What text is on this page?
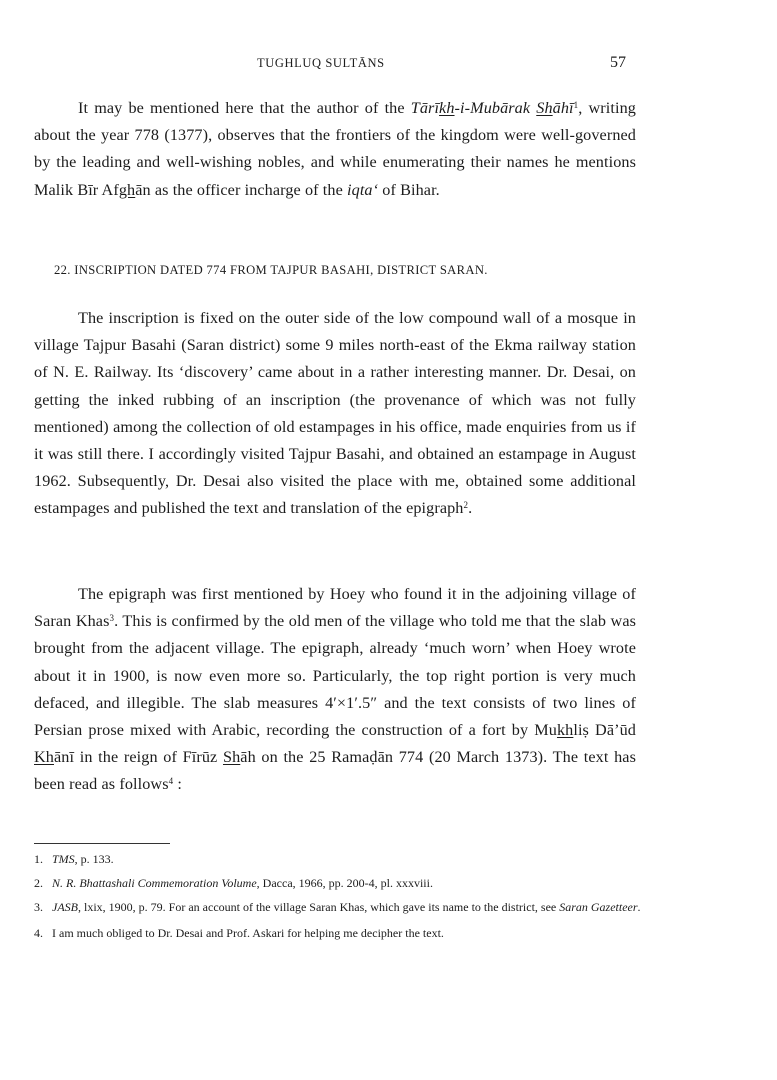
TUGHLUQ SULTĀNS	57

It may be mentioned here that the author of the Tārīkh-i-Mubārak Shāhī$^1$, writing about the year 778 (1377), observes that the frontiers of the kingdom were well-governed by the leading and well-wishing nobles, and while enumerating their names he mentions Malik Bīr Afghān as the officer incharge of the iqta‘ of Bihar.

22. INSCRIPTION DATED 774 FROM TAJPUR BASAHI, DISTRICT SARAN.

The inscription is fixed on the outer side of the low compound wall of a mosque in village Tajpur Basahi (Saran district) some 9 miles north-east of the Ekma railway station of N. E. Railway. Its ‘discovery’ came about in a rather interesting manner. Dr. Desai, on getting the inked rubbing of an inscription (the provenance of which was not fully mentioned) among the collection of old estampages in his office, made enquiries from us if it was still there. I accordingly visited Tajpur Basahi, and obtained an estampage in August 1962. Subsequently, Dr. Desai also visited the place with me, obtained some additional estampages and published the text and translation of the epigraph$^2$.

The epigraph was first mentioned by Hoey who found it in the adjoining village of Saran Khas$^3$. This is confirmed by the old men of the village who told me that the slab was brought from the adjacent village. The epigraph, already ‘much worn’ when Hoey wrote about it in 1900, is now even more so. Particularly, the top right portion is very much defaced, and illegible. The slab measures 4′×1′.5″ and the text consists of two lines of Persian prose mixed with Arabic, recording the construction of a fort by Mukhliṣ Dā’ūd Khānī in the reign of Fīrūz Shāh on the 25 Ramaḍān 774 (20 March 1373). The text has been read as follows$^4$ :

1. TMS, p. 133.
2. N. R. Bhattashali Commemoration Volume, Dacca, 1966, pp. 200-4, pl. xxxviii.
3. JASB, lxix, 1900, p. 79. For an account of the village Saran Khas, which gave its name to the district, see Saran Gazetteer.
4. I am much obliged to Dr. Desai and Prof. Askari for helping me decipher the text.
